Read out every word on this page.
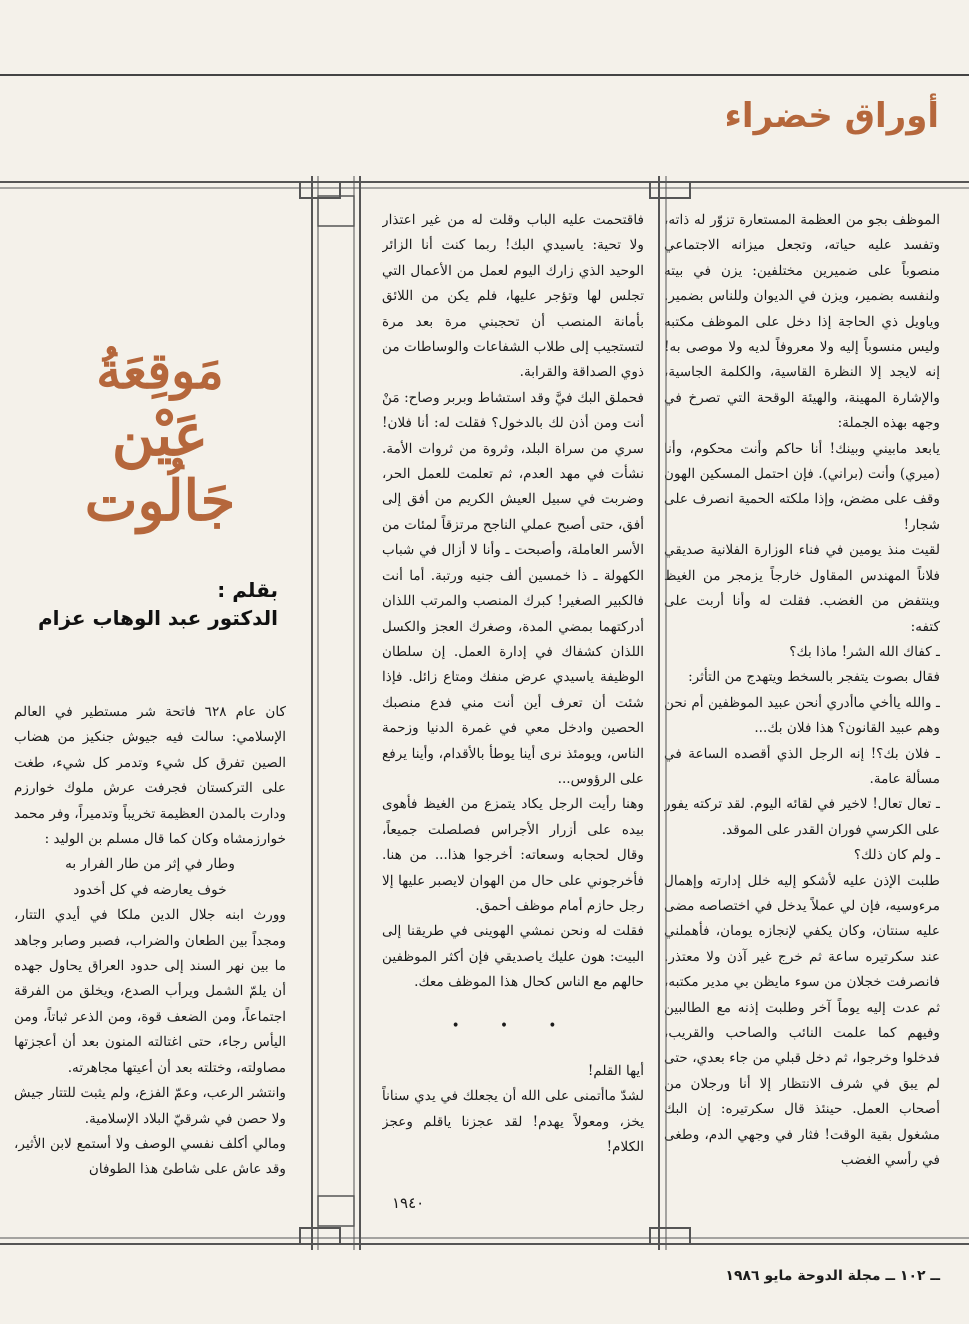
أوراق خضراء

الموظف بجو من العظمة المستعارة تزوّر له ذاته، وتفسد عليه حياته، وتجعل ميزانه الاجتماعي منصوباً على ضميرين مختلفين: يزن في بيته ولنفسه بضمير، ويزن في الديوان وللناس بضمير. وياويل ذي الحاجة إذا دخل على الموظف مكتبه وليس منسوباً إليه ولا معروفاً لديه ولا موصى به! إنه لايجد إلا النظرة القاسية، والكلمة الجاسية، والإشارة المهينة، والهيئة الوقحة التي تصرخ في وجهه بهذه الجملة:

يابعد مابيني وبينك! أنا حاكم وأنت محكوم، وأنا (ميري) وأنت (براني). فإن احتمل المسكين الهون وقف على مضض، وإذا ملكته الحمية انصرف على شجار!

لقيت منذ يومين في فناء الوزارة الفلانية صديقي فلاناً المهندس المقاول خارجاً يزمجر من الغيظ وينتفض من الغضب. فقلت له وأنا أربت على كتفه:

ـ كفاك الله الشر! ماذا بك؟

فقال بصوت يتفجر بالسخط ويتهدج من التأثر:

ـ والله ياأخي ماأدري أنحن عبيد الموظفين أم نحن وهم عبيد القانون؟ هذا فلان بك...

ـ فلان بك؟! إنه الرجل الذي أقصده الساعة في مسألة عامة.

ـ تعال تعال! لاخير في لقائه اليوم. لقد تركته يفور على الكرسي فوران القدر على الموقد.

ـ ولم كان ذلك؟

طلبت الإذن عليه لأشكو إليه خلل إدارته وإهمال مرءوسيه، فإن لي عملاً يدخل في اختصاصه مضى عليه سنتان، وكان يكفي لإنجازه يومان، فأهملني عند سكرتيره ساعة ثم خرج غير آذن ولا معتذر. فانصرفت خجلان من سوء مايظن بي مدير مكتبه، ثم عدت إليه يوماً آخر وطلبت إذنه مع الطالبين وفيهم كما علمت النائب والصاحب والقريب، فدخلوا وخرجوا، ثم دخل قبلي من جاء بعدي، حتى لم يبق في شرف الانتظار إلا أنا ورجلان من أصحاب العمل. حينئذ قال سكرتيره: إن البك مشغول بقية الوقت! فثار في وجهي الدم، وطغى في رأسي الغضب

فاقتحمت عليه الباب وقلت له من غير اعتذار ولا تحية: ياسيدي البك! ربما كنت أنا الزائر الوحيد الذي زارك اليوم لعمل من الأعمال التي تجلس لها وتؤجر عليها، فلم يكن من اللائق بأمانة المنصب أن تحجبني مرة بعد مرة لتستجيب إلى طلاب الشفاعات والوساطات من ذوي الصداقة والقرابة.

فحملق البك فيَّ وقد استشاط وبربر وصاح: مَنْ أنت ومن أذن لك بالدخول؟ فقلت له: أنا فلان! سري من سراة البلد، وثروة من ثروات الأمة. نشأت في مهد العدم، ثم تعلمت للعمل الحر، وضربت في سبيل العيش الكريم من أفق إلى أفق، حتى أصبح عملي الناجح مرتزقاً لمئات من الأسر العاملة، وأصبحت ـ وأنا لا أزال في شباب الكهولة ـ ذا خمسين ألف جنيه ورتبة. أما أنت فالكبير الصغير! كبرك المنصب والمرتب اللذان أدركتهما بمضي المدة، وصغرك العجز والكسل اللذان كشفاك في إدارة العمل. إن سلطان الوظيفة ياسيدي عرض منفك ومتاع زائل. فإذا شئت أن تعرف أين أنت مني فدع منصبك الحصين وادخل معي في غمرة الدنيا وزحمة الناس، ويومئذ نرى أينا يوطأ بالأقدام، وأينا يرفع على الرؤوس...

وهنا رأيت الرجل يكاد يتمزع من الغيظ فأهوى بيده على أزرار الأجراس فصلصلت جميعاً، وقال لحجابه وسعاته: أخرجوا هذا... من هنا. فأخرجوني على حال من الهوان لايصبر عليها إلا رجل حازم أمام موظف أحمق.

فقلت له ونحن نمشي الهوينى في طريقنا إلى البيت: هون عليك ياصديقي فإن أكثر الموظفين حالهم مع الناس كحال هذا الموظف معك.

• • •

أيها القلم!

لشدّ ماأتمنى على الله أن يجعلك في يدي سناناً يخز، ومعولاً يهدم! لقد عجزنا ياقلم وعجز الكلام!

١٩٤٠
مَوقِعَةُ
عَيْن
جَالُوت
بقلم :
الدكتور عبد الوهاب عزام

كان عام ٦٢٨ فاتحة شر مستطير في العالم الإسلامي: سالت فيه جيوش جنكيز من هضاب الصين تفرق كل شيء وتدمر كل شيء، طغت على التركستان فجرفت عرش ملوك خوارزم ودارت بالمدن العظيمة تخريباً وتدميراً، وفر محمد خوارزمشاه وكان كما قال مسلم بن الوليد :

وطار في إثر من طار الفرار به

خوف يعارضه في كل أخدود

وورث ابنه جلال الدين ملكا في أيدي التتار، ومجداً بين الطعان والضراب، فصبر وصابر وجاهد ما بين نهر السند إلى حدود العراق يحاول جهده أن يلمّ الشمل ويرأب الصدع، ويخلق من الفرقة اجتماعاً، ومن الضعف قوة، ومن الذعر ثباتاً، ومن اليأس رجاء، حتى اغتالته المنون بعد أن أعجزتها مصاولته، وختلته بعد أن أعيتها مجاهرته.

وانتشر الرعب، وعمّ الفزع، ولم يثبت للتتار جيش ولا حصن في شرقيّ البلاد الإسلامية.

ومالي أكلف نفسي الوصف ولا أستمع لابن الأثير، وقد عاش على شاطئ هذا الطوفان

ــ ١٠٢ ــ مجلة الدوحة مايو ١٩٨٦
